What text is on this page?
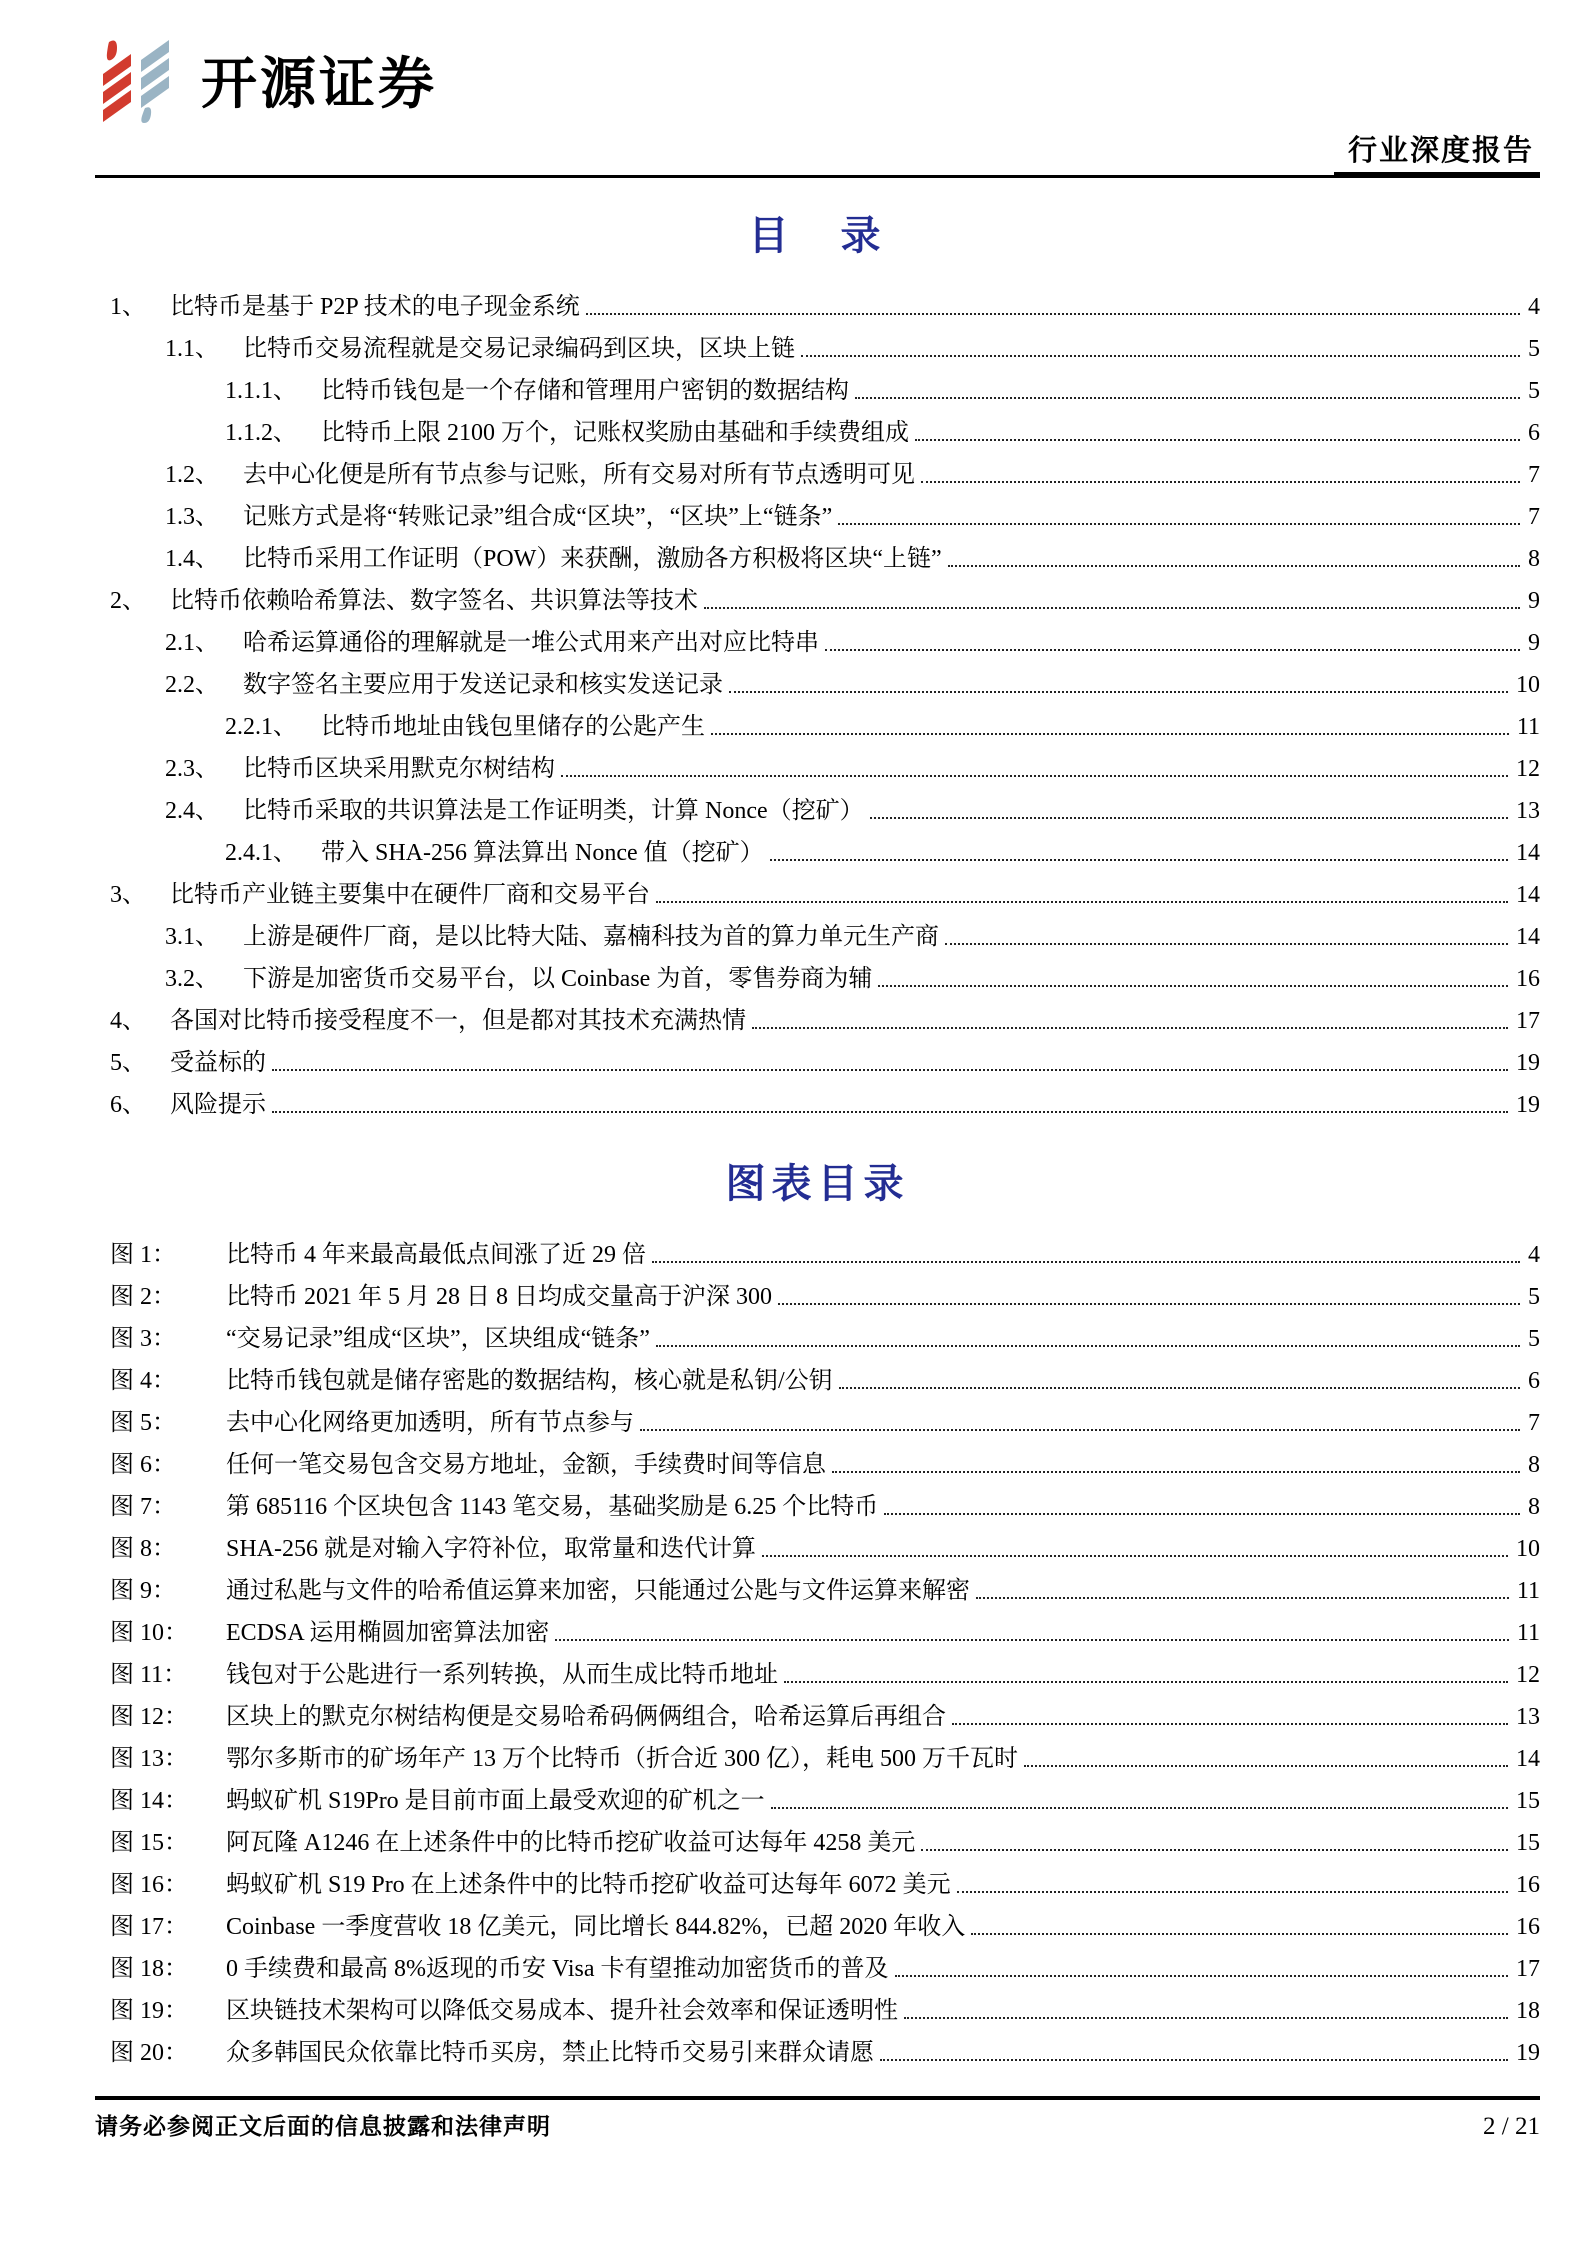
开源证券
行业深度报告
目　录
1、 比特币是基于 P2P 技术的电子现金系统	4
1.1、 比特币交易流程就是交易记录编码到区块，区块上链	5
1.1.1、 比特币钱包是一个存储和管理用户密钥的数据结构	5
1.1.2、 比特币上限 2100 万个，记账权奖励由基础和手续费组成	6
1.2、 去中心化便是所有节点参与记账，所有交易对所有节点透明可见	7
1.3、 记账方式是将“转账记录”组合成“区块”，“区块”上“链条”	7
1.4、 比特币采用工作证明（POW）来获酬，激励各方积极将区块“上链”	8
2、 比特币依赖哈希算法、数字签名、共识算法等技术	9
2.1、 哈希运算通俗的理解就是一堆公式用来产出对应比特串	9
2.2、 数字签名主要应用于发送记录和核实发送记录	10
2.2.1、 比特币地址由钱包里储存的公匙产生	11
2.3、 比特币区块采用默克尔树结构	12
2.4、 比特币采取的共识算法是工作证明类，计算 Nonce（挖矿）	13
2.4.1、 带入 SHA-256 算法算出 Nonce 值（挖矿）	14
3、 比特币产业链主要集中在硬件厂商和交易平台	14
3.1、 上游是硬件厂商，是以比特大陆、嘉楠科技为首的算力单元生产商	14
3.2、 下游是加密货币交易平台，以 Coinbase 为首，零售券商为辅	16
4、 各国对比特币接受程度不一，但是都对其技术充满热情	17
5、 受益标的	19
6、 风险提示	19
图表目录
图 1：	比特币 4 年来最高最低点间涨了近 29 倍	4
图 2：	比特币 2021 年 5 月 28 日 8 日均成交量高于沪深 300	5
图 3：	“交易记录”组成“区块”，区块组成“链条”	5
图 4：	比特币钱包就是储存密匙的数据结构，核心就是私钥/公钥	6
图 5：	去中心化网络更加透明，所有节点参与	7
图 6：	任何一笔交易包含交易方地址，金额，手续费时间等信息	8
图 7：	第 685116 个区块包含 1143 笔交易，基础奖励是 6.25 个比特币	8
图 8：	SHA-256 就是对输入字符补位，取常量和迭代计算	10
图 9：	通过私匙与文件的哈希值运算来加密，只能通过公匙与文件运算来解密	11
图 10：	ECDSA 运用椭圆加密算法加密	11
图 11：	钱包对于公匙进行一系列转换，从而生成比特币地址	12
图 12：	区块上的默克尔树结构便是交易哈希码俩俩组合，哈希运算后再组合	13
图 13：	鄂尔多斯市的矿场年产 13 万个比特币（折合近 300 亿），耗电 500 万千瓦时	14
图 14：	蚂蚁矿机 S19Pro 是目前市面上最受欢迎的矿机之一	15
图 15：	阿瓦隆 A1246 在上述条件中的比特币挖矿收益可达每年 4258 美元	15
图 16：	蚂蚁矿机 S19 Pro 在上述条件中的比特币挖矿收益可达每年 6072 美元	16
图 17：	Coinbase 一季度营收 18 亿美元，同比增长 844.82%，已超 2020 年收入	16
图 18：	0 手续费和最高 8%返现的币安 Visa 卡有望推动加密货币的普及	17
图 19：	区块链技术架构可以降低交易成本、提升社会效率和保证透明性	18
图 20：	众多韩国民众依靠比特币买房，禁止比特币交易引来群众请愿	19
请务必参阅正文后面的信息披露和法律声明	2 / 21
